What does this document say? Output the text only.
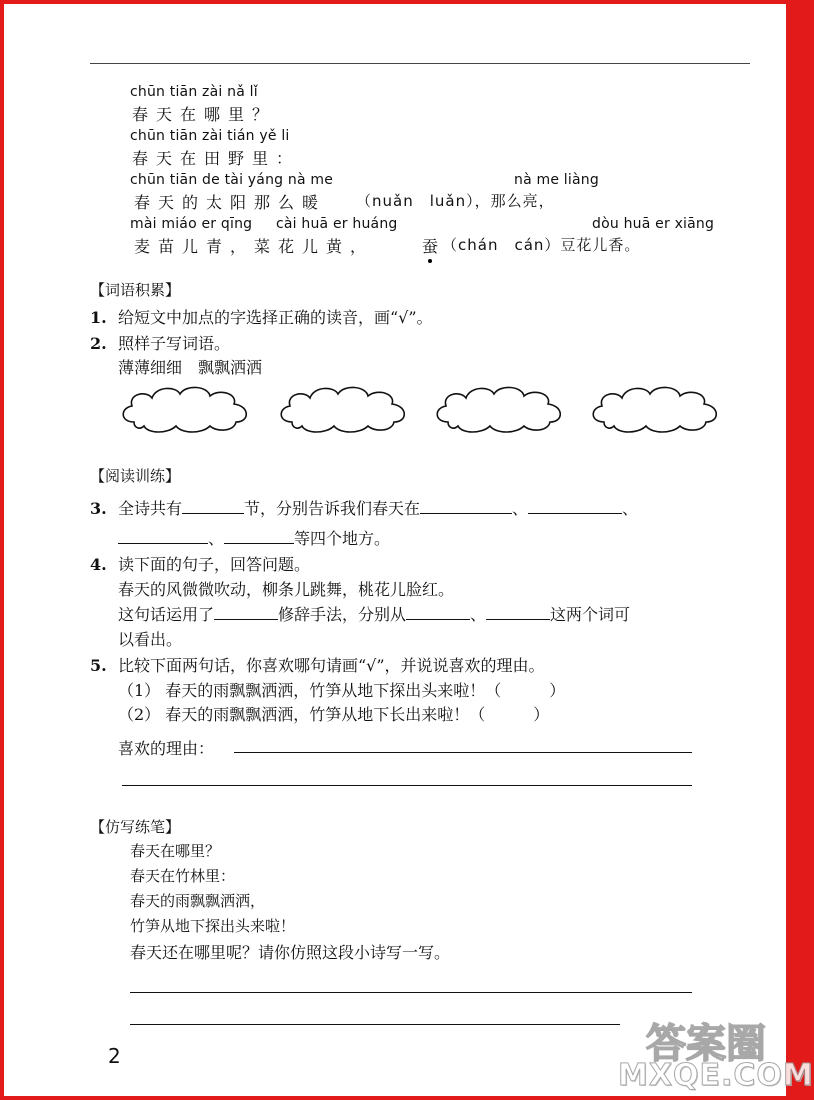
chūn tiān zài nǎ lǐ
春天在哪里？
chūn tiān zài tián yě li
春天在田野里：
chūn tiān de tài yáng nà me	nà me liàng
春天的太阳那么暖 （nuǎn　luǎn），那么亮，
mài miáo er qīng cài huā er huáng	dòu huā er xiāng
麦苗儿青，菜花儿黄，	蚕
（chán　cán）豆花儿香。
【词语积累】
1. 给短文中加点的字选择正确的读音，画“√”。
2. 照样子写词语。
薄薄细细　飘飘洒洒
【阅读训练】
3. 全诗共有	节，分别告诉我们春天在	、	、
、	等四个地方。
4. 读下面的句子，回答问题。
春天的风微微吹动，柳条儿跳舞，桃花儿脸红。
这句话运用了	修辞手法，分别从	、	这两个词可
以看出。
5. 比较下面两句话，你喜欢哪句请画“√”，并说说喜欢的理由。
（1） 春天的雨飘飘洒洒，竹笋从地下探出头来啦！（　　　）
（2） 春天的雨飘飘洒洒，竹笋从地下长出来啦！（　　　）
喜欢的理由：
【仿写练笔】
春天在哪里？
春天在竹林里：
春天的雨飘飘洒洒，
竹笋从地下探出头来啦！
春天还在哪里呢？请你仿照这段小诗写一写。
2	答案圈
MXQE.COM
